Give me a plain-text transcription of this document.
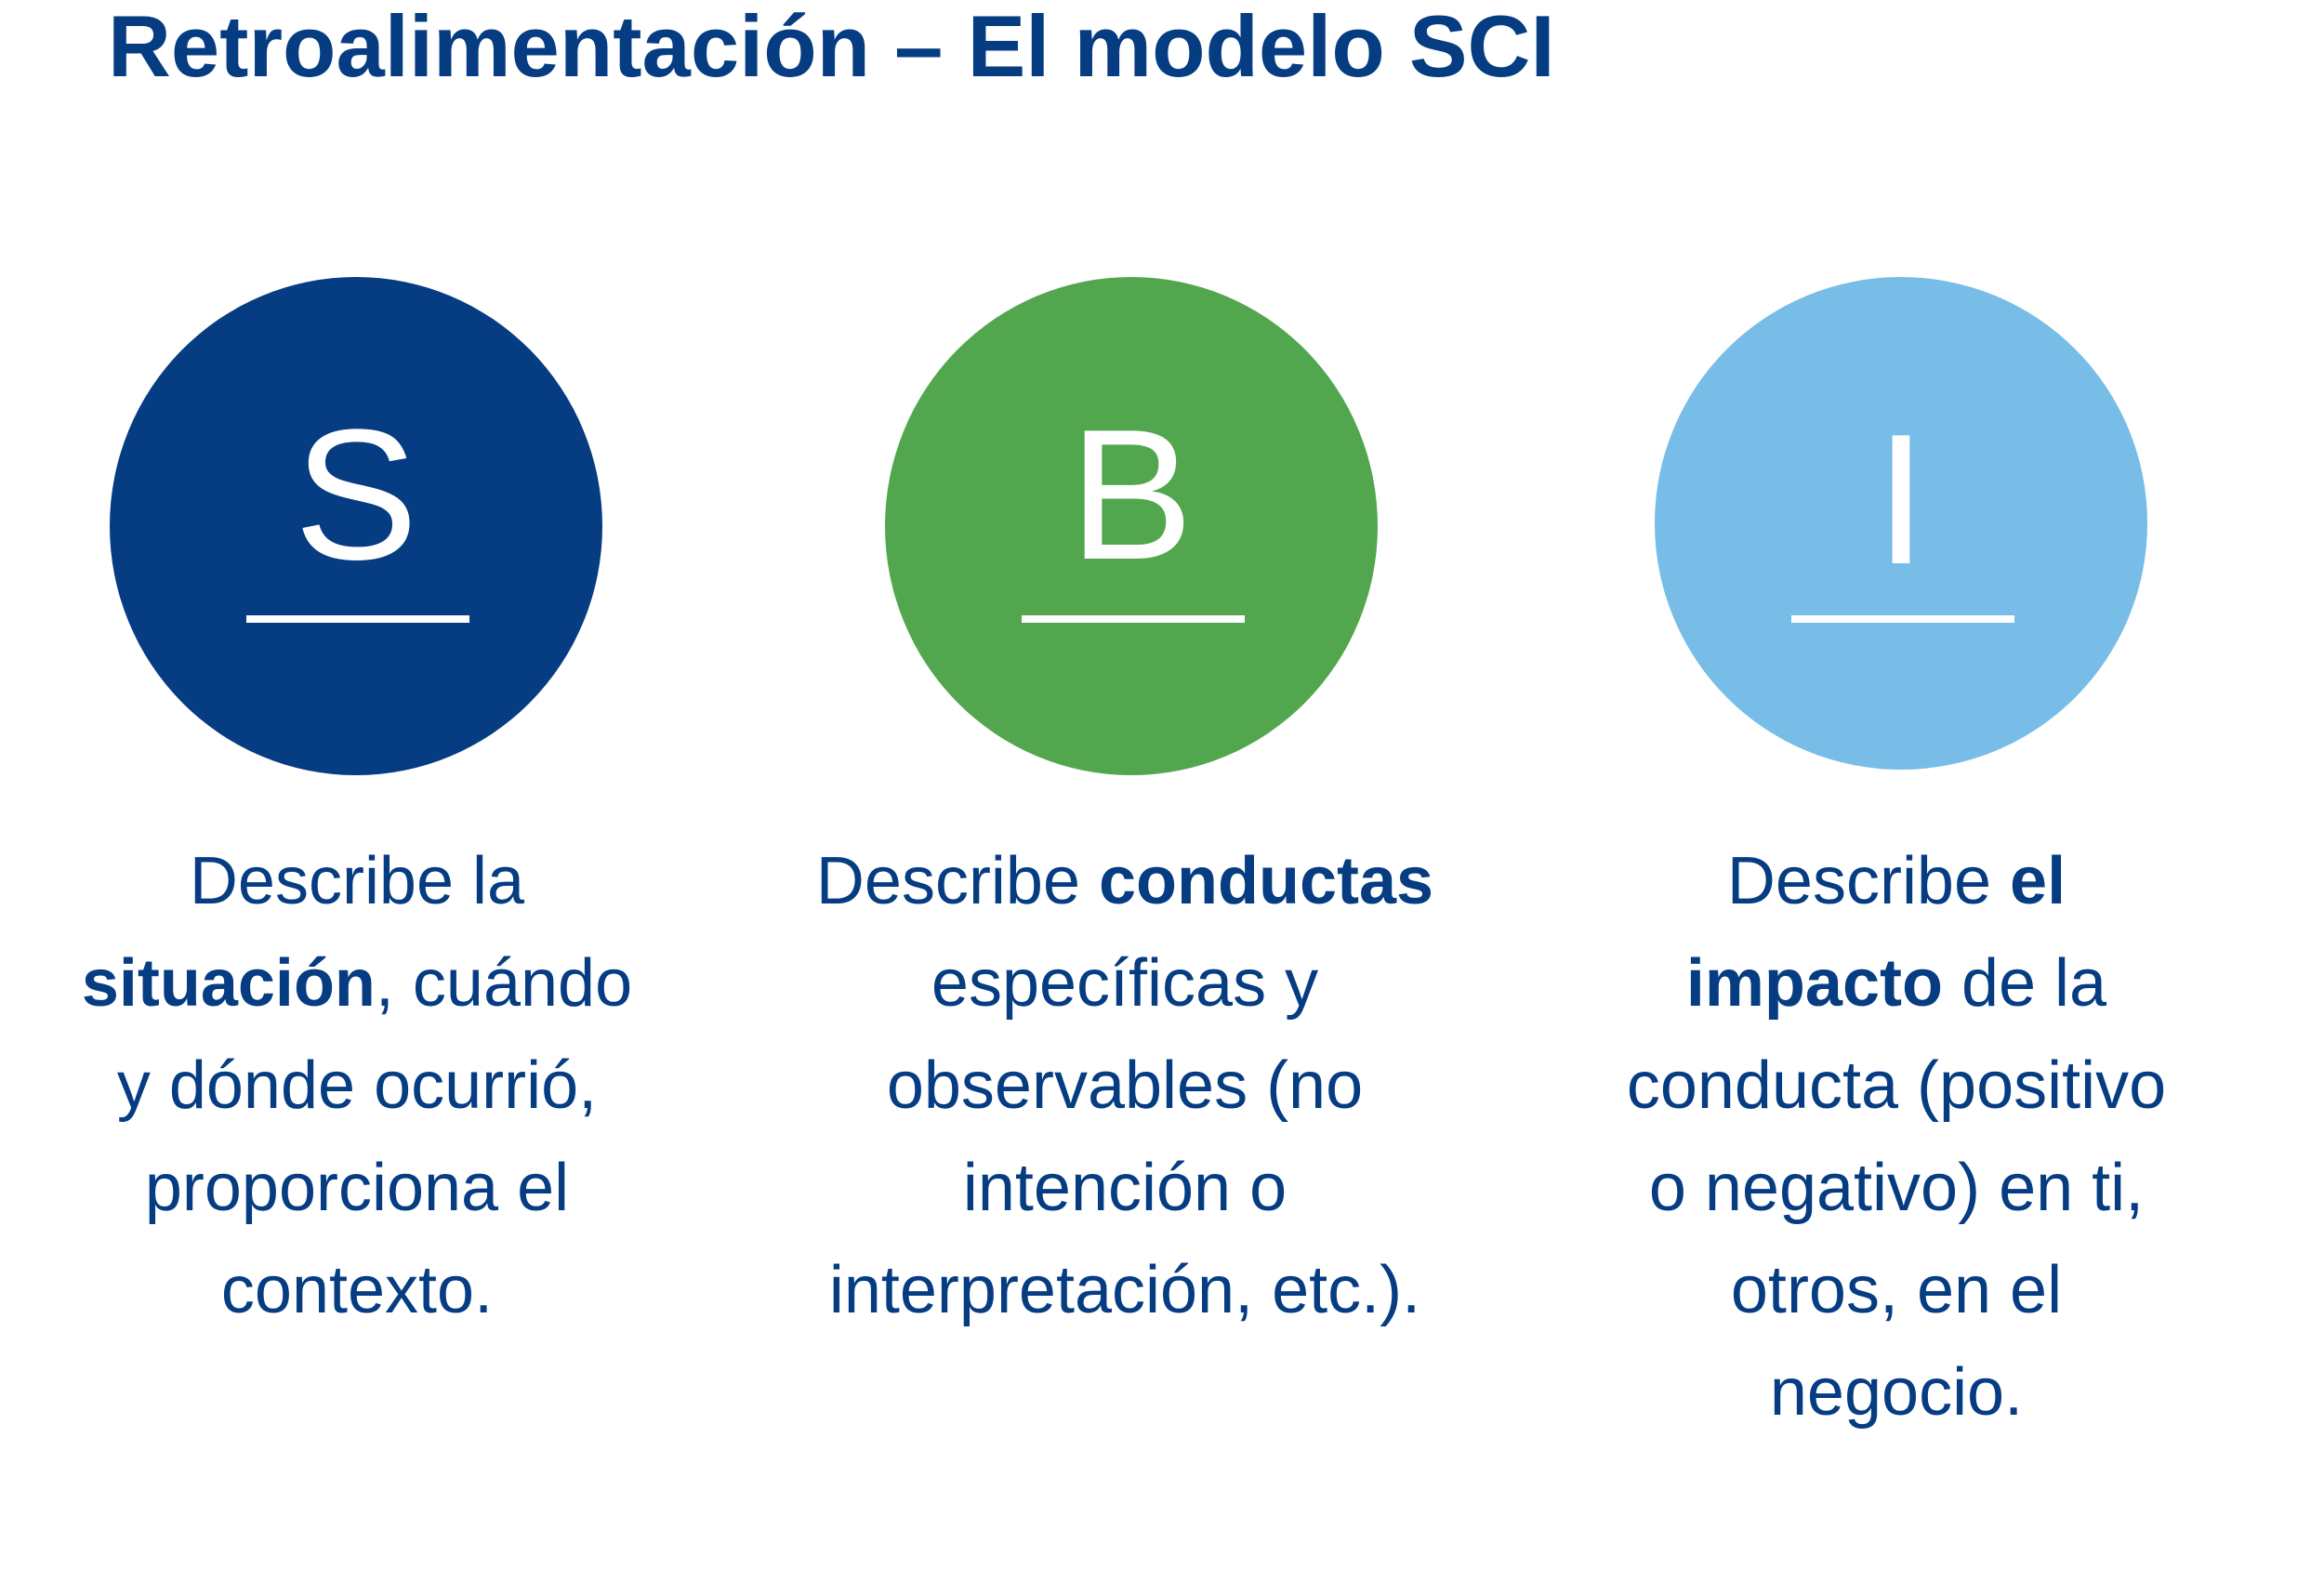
Retroalimentación – El modelo SCI
S
Describe la
situación, cuándo
y dónde ocurrió,
proporciona el
contexto.
B
Describe conductas
específicas y
observables (no
intención o
interpretación, etc.).
I
Describe el
impacto de la
conducta (positivo
o negativo) en ti,
otros, en el
negocio.
